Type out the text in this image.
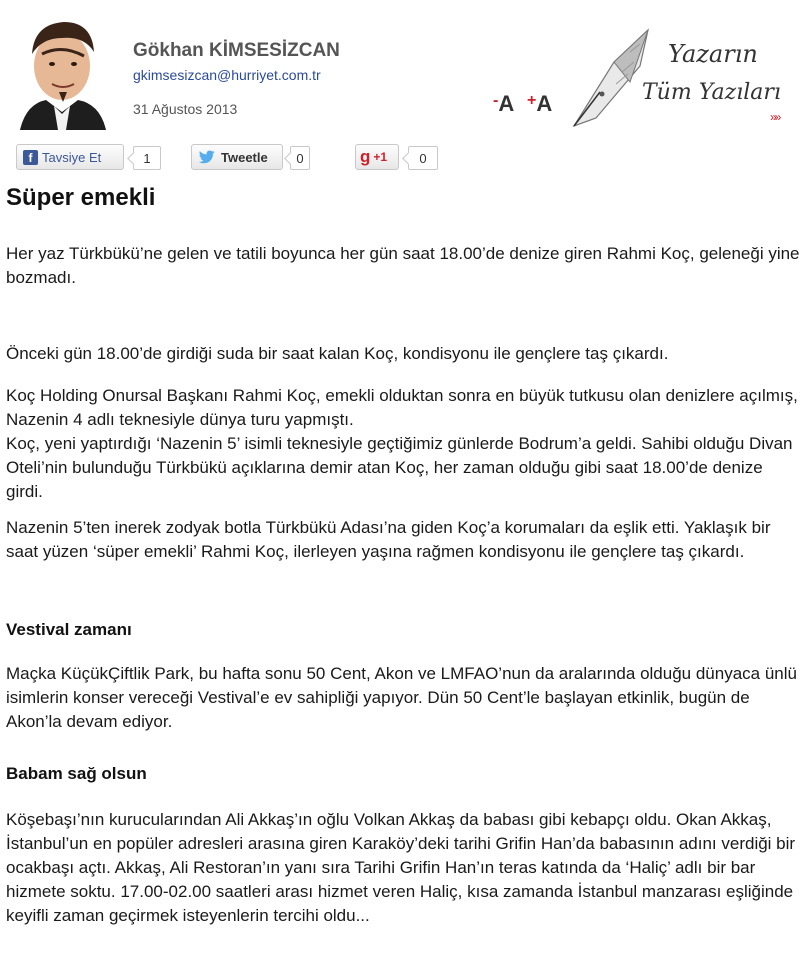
Gökhan KİMSESİZCAN
gkimsesizcan@hurriyet.com.tr
31 Ağustos 2013	-A +A
Yazarın
Tüm Yazıları
»»
f Tavsiye Et	1	Tweetle	0	g +1	0
Süper emekli

Her yaz Türkbükü’ne gelen ve tatili boyunca her gün saat 18.00’de denize giren Rahmi Koç, geleneği yine bozmadı.

Önceki gün 18.00’de girdiği suda bir saat kalan Koç, kondisyonu ile gençlere taş çıkardı.

Koç Holding Onursal Başkanı Rahmi Koç, emekli olduktan sonra en büyük tutkusu olan denizlere açılmış, Nazenin 4 adlı teknesiyle dünya turu yapmıştı.

Koç, yeni yaptırdığı ‘Nazenin 5’ isimli teknesiyle geçtiğimiz günlerde Bodrum’a geldi. Sahibi olduğu Divan Oteli’nin bulunduğu Türkbükü açıklarına demir atan Koç, her zaman olduğu gibi saat 18.00’de denize girdi.

Nazenin 5’ten inerek zodyak botla Türkbükü Adası’na giden Koç’a korumaları da eşlik etti. Yaklaşık bir saat yüzen ‘süper emekli’ Rahmi Koç, ilerleyen yaşına rağmen kondisyonu ile gençlere taş çıkardı.

Vestival zamanı

Maçka KüçükÇiftlik Park, bu hafta sonu 50 Cent, Akon ve LMFAO’nun da aralarında olduğu dünyaca ünlü isimlerin konser vereceği Vestival’e ev sahipliği yapıyor. Dün 50 Cent’le başlayan etkinlik, bugün de Akon’la devam ediyor.

Babam sağ olsun

Köşebaşı’nın kurucularından Ali Akkaş’ın oğlu Volkan Akkaş da babası gibi kebapçı oldu. Okan Akkaş, İstanbul’un en popüler adresleri arasına giren Karaköy’deki tarihi Grifin Han’da babasının adını verdiği bir ocakbaşı açtı. Akkaş, Ali Restoran’ın yanı sıra Tarihi Grifin Han’ın teras katında da ‘Haliç’ adlı bir bar hizmete soktu. 17.00-02.00 saatleri arası hizmet veren Haliç, kısa zamanda İstanbul manzarası eşliğinde keyifli zaman geçirmek isteyenlerin tercihi oldu...
